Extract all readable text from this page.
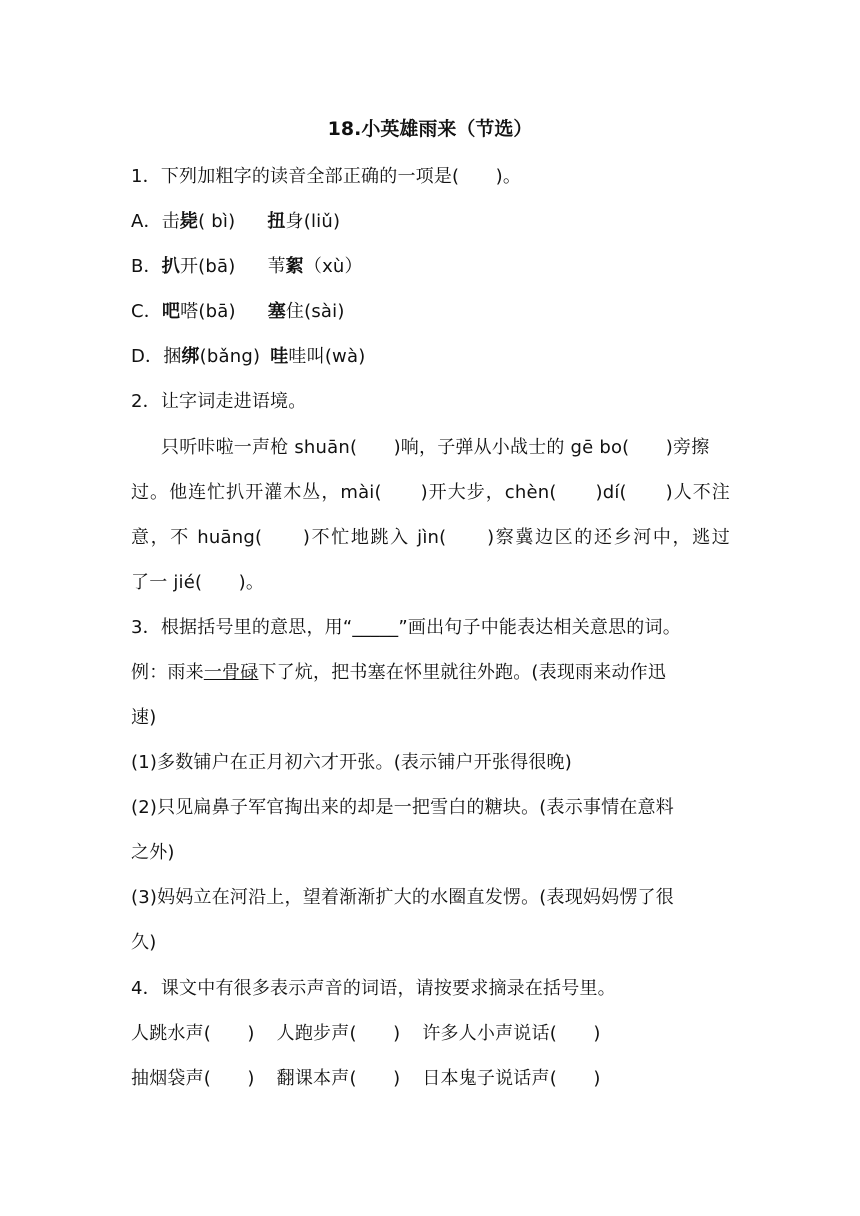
18.小英雄雨来（节选）
1．下列加粗字的读音全部正确的一项是(　　)。
A．击毙( bì) 扭身(liǔ)
B．扒开(bā) 苇絮（xù）
C．吧嗒(bā) 塞住(sài)
D．捆绑(bǎng) 哇哇叫(wà)
2．让字词走进语境。
只听咔啦一声枪 shuān(　　)响，子弹从小战士的 gē bo(　　)旁擦
过。他连忙扒开灌木丛，mài(　　)开大步，chèn(　　)dí(　　)人不注
意，不 huāng(　　)不忙地跳入 jìn(　　)察冀边区的还乡河中，逃过
了一 jié(　　)。
3．根据括号里的意思，用“_____”画出句子中能表达相关意思的词。
例：雨来一骨碌下了炕，把书塞在怀里就往外跑。(表现雨来动作迅
速)
(1)多数铺户在正月初六才开张。(表示铺户开张得很晚)
(2)只见扁鼻子军官掏出来的却是一把雪白的糖块。(表示事情在意料
之外)
(3)妈妈立在河沿上，望着渐渐扩大的水圈直发愣。(表现妈妈愣了很
久)
4．课文中有很多表示声音的词语，请按要求摘录在括号里。
人跳水声(　　) 人跑步声(　　) 许多人小声说话(　　)
抽烟袋声(　　) 翻课本声(　　) 日本鬼子说话声(　　)
